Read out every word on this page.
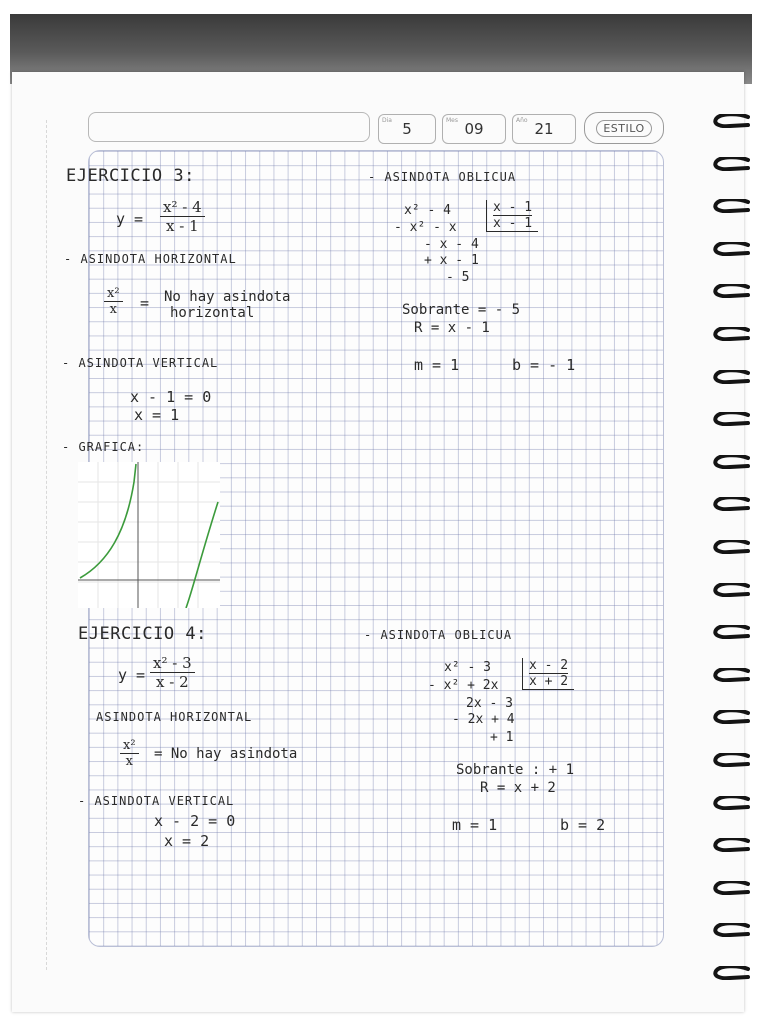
Dia 5	Mes 09	Año 21	ESTILO

EJERCICIO 3:

$y = \frac{\text{x² - 4}}{x - 1}$

- ASINDOTA HORIZONTAL

$\frac{\text{x²}}{x} = No$ hay asindota

horizontal

- ASINDOTA VERTICAL

x - 1 = 0

x = 1

- GRAFICA:

- ASINDOTA OBLICUA

x² - 4	x - 1
x - 1

- x² - x

- x - 4

+ x - 1

- 5

Sobrante = - 5

R = x - 1

m = 1	b = - 1

EJERCICIO 4:

$y = \frac{\text{x² - 3}}{x - 2}$

ASINDOTA HORIZONTAL

$\frac{\text{x²}}{x} = No$ hay asindota

- ASINDOTA VERTICAL

x - 2 = 0

x = 2

- ASINDOTA OBLICUA

x² - 3	x - 2
x + 2

- x² + 2x

2x - 3

- 2x + 4

+ 1

Sobrante : + 1

R = x + 2

m = 1	b = 2
